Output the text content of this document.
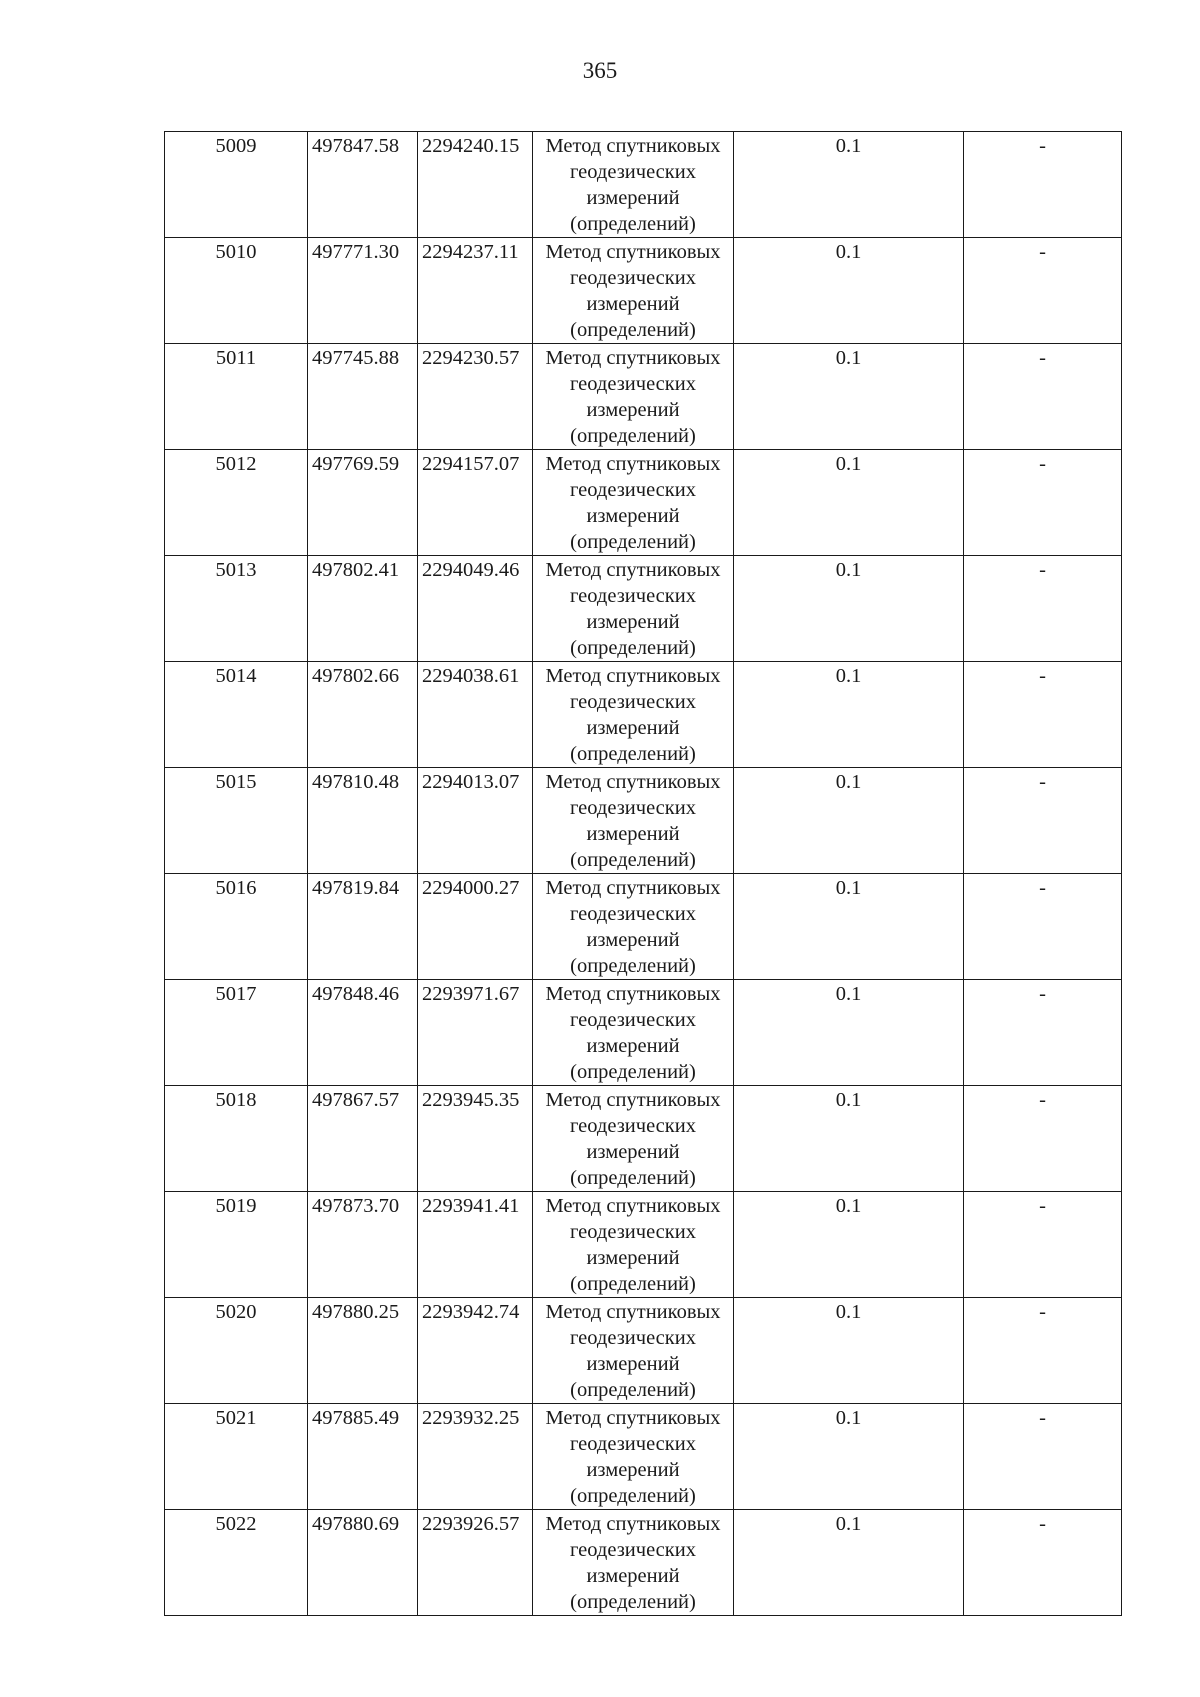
365
5009	497847.58	2294240.15	Метод спутниковых геодезических измерений (определений)	0.1	-
5010	497771.30	2294237.11	Метод спутниковых геодезических измерений (определений)	0.1	-
5011	497745.88	2294230.57	Метод спутниковых геодезических измерений (определений)	0.1	-
5012	497769.59	2294157.07	Метод спутниковых геодезических измерений (определений)	0.1	-
5013	497802.41	2294049.46	Метод спутниковых геодезических измерений (определений)	0.1	-
5014	497802.66	2294038.61	Метод спутниковых геодезических измерений (определений)	0.1	-
5015	497810.48	2294013.07	Метод спутниковых геодезических измерений (определений)	0.1	-
5016	497819.84	2294000.27	Метод спутниковых геодезических измерений (определений)	0.1	-
5017	497848.46	2293971.67	Метод спутниковых геодезических измерений (определений)	0.1	-
5018	497867.57	2293945.35	Метод спутниковых геодезических измерений (определений)	0.1	-
5019	497873.70	2293941.41	Метод спутниковых геодезических измерений (определений)	0.1	-
5020	497880.25	2293942.74	Метод спутниковых геодезических измерений (определений)	0.1	-
5021	497885.49	2293932.25	Метод спутниковых геодезических измерений (определений)	0.1	-
5022	497880.69	2293926.57	Метод спутниковых геодезических измерений (определений)	0.1	-
